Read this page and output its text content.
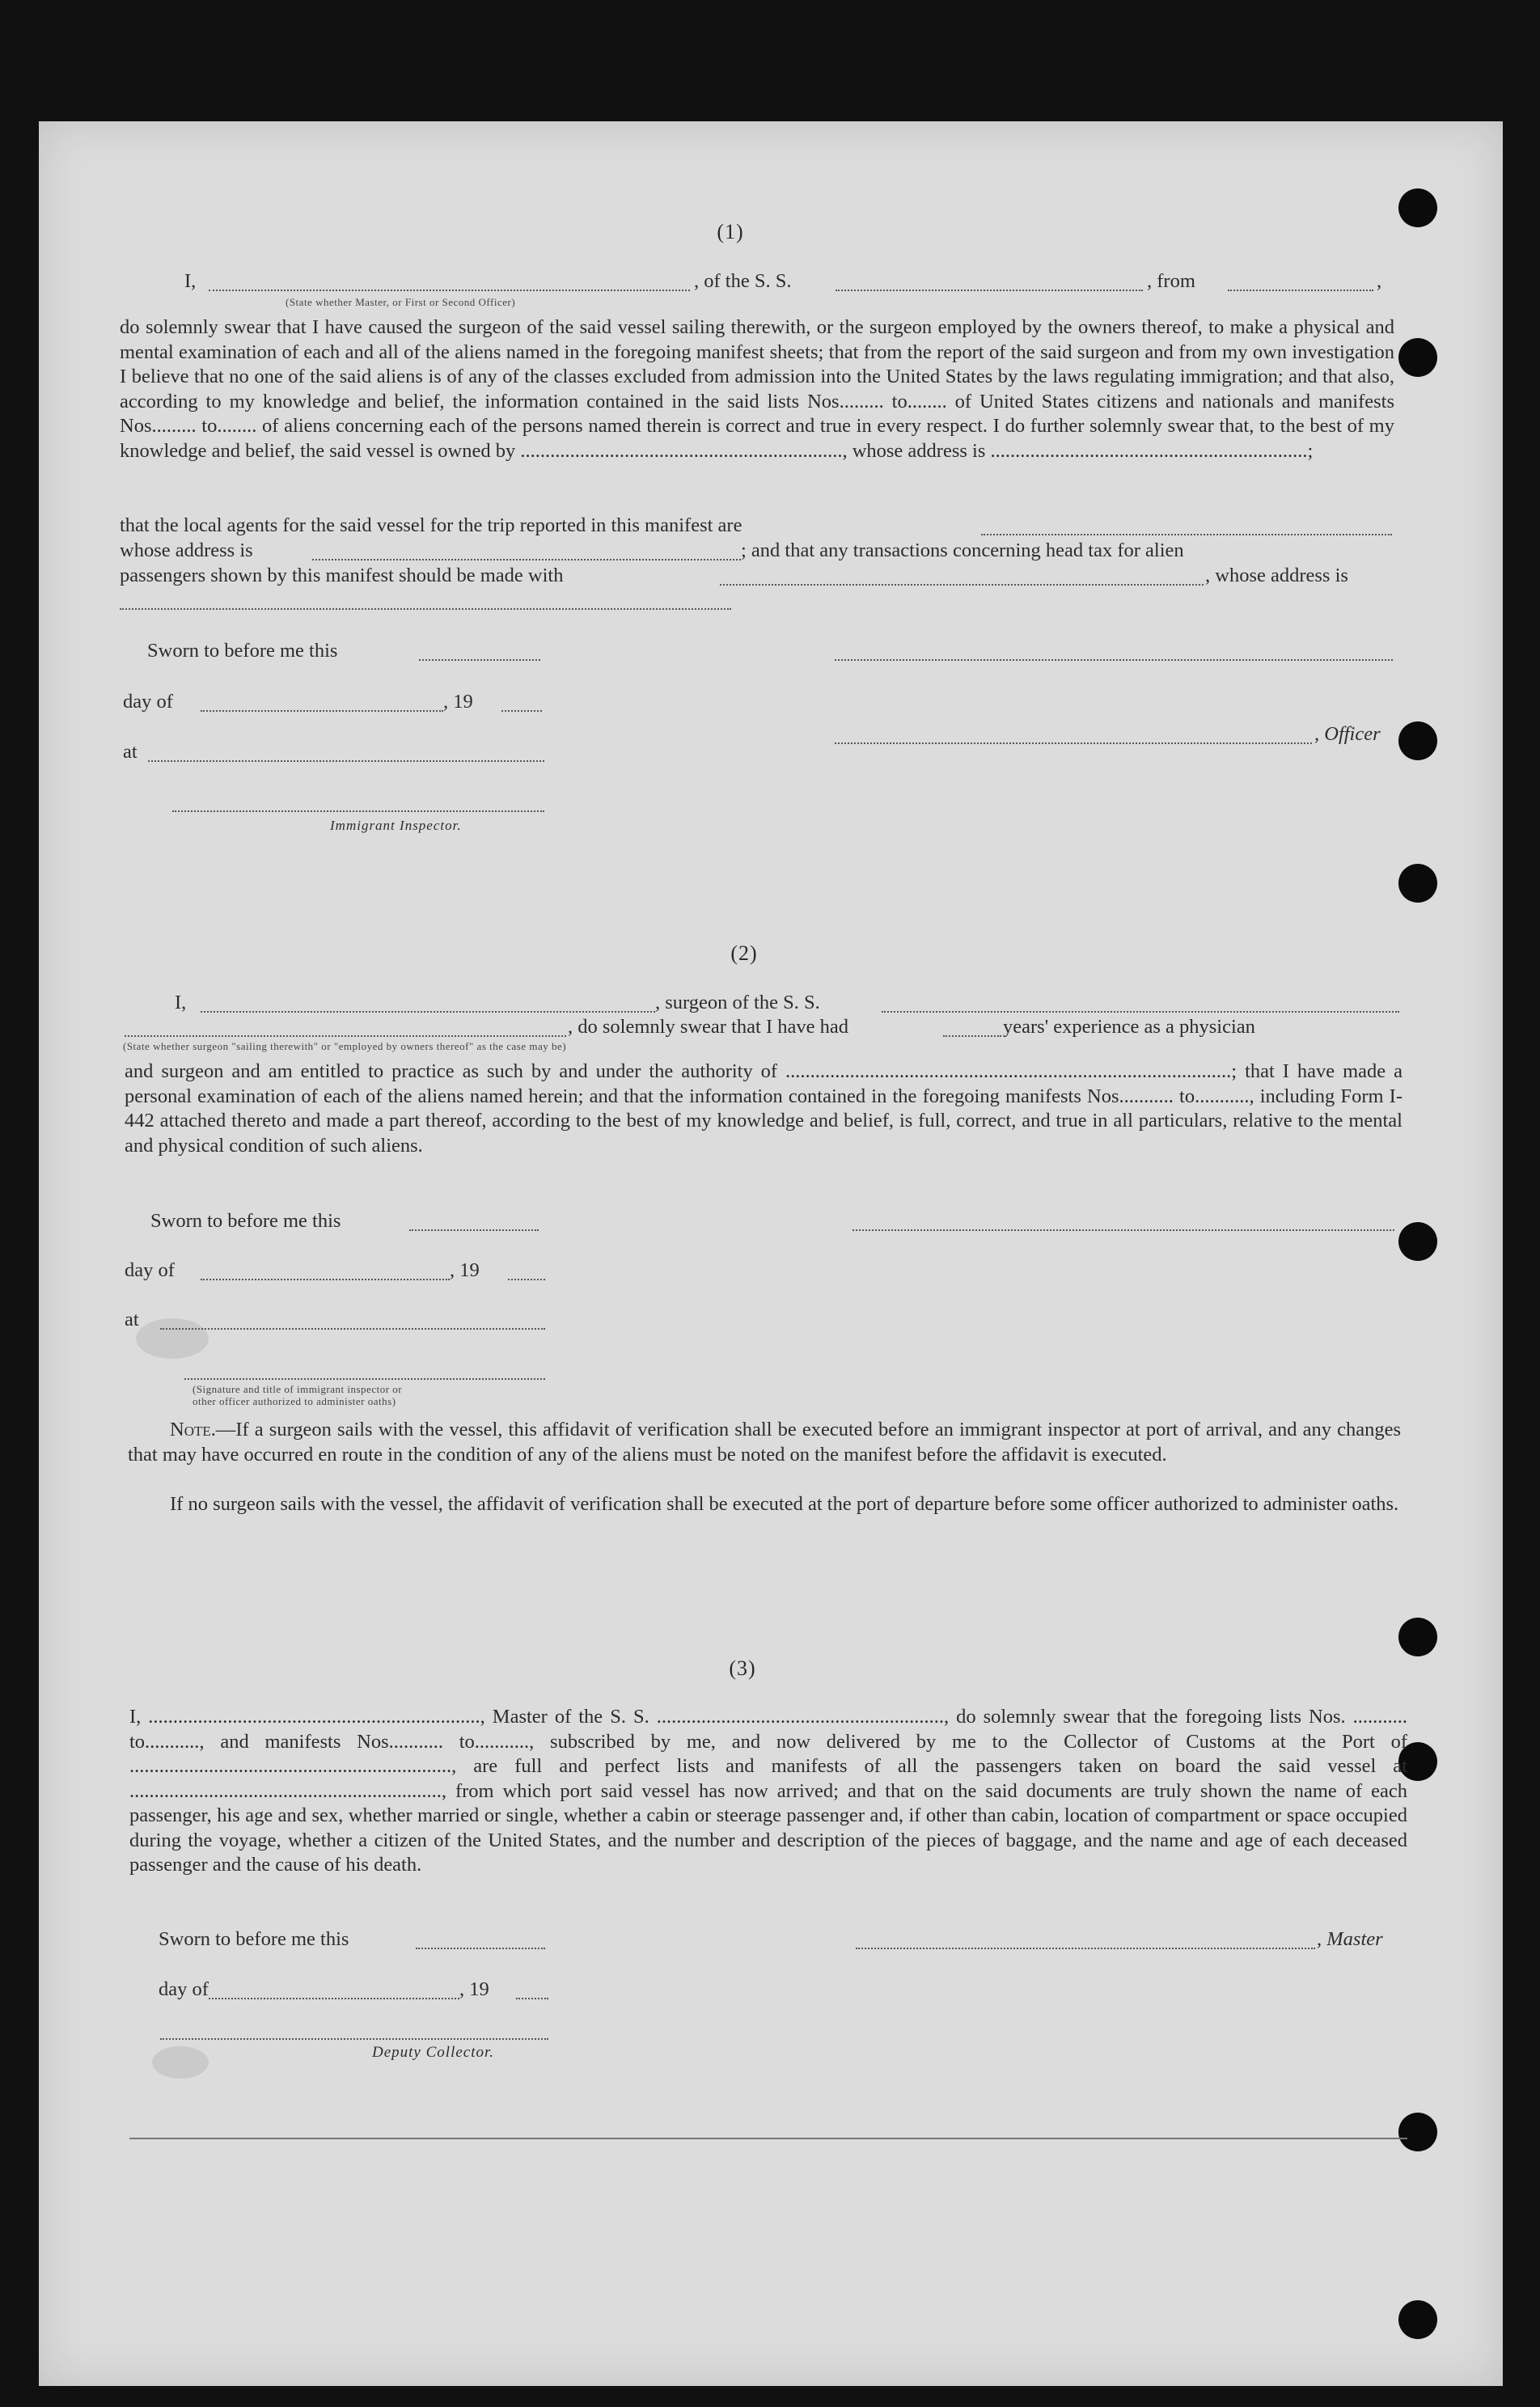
(1)
I,	, of the S. S.	, from	,
(State whether Master, or First or Second Officer)
do solemnly swear that I have caused the surgeon of the said vessel sailing therewith, or the surgeon employed by the owners thereof, to make a physical and mental examination of each and all of the aliens named in the foregoing manifest sheets; that from the report of the said surgeon and from my own investigation I believe that no one of the said aliens is of any of the classes excluded from admission into the United States by the laws regulating immigration; and that also, according to my knowledge and belief, the information contained in the said lists Nos......... to........ of United States citizens and nationals and manifests Nos......... to........ of aliens concerning each of the persons named therein is correct and true in every respect. I do further solemnly swear that, to the best of my knowledge and belief, the said vessel is owned by ................................................................., whose address is ................................................................;
that the local agents for the said vessel for the trip reported in this manifest are
whose address is	; and that any transactions concerning head tax for alien
passengers shown by this manifest should be made with	, whose address is
Sworn to before me this
day of	, 19
, Officer
at
Immigrant Inspector.
(2)
I,	, surgeon of the S. S.
, do solemnly swear that I have had	years' experience as a physician
(State whether surgeon "sailing therewith" or "employed by owners thereof" as the case may be)
and surgeon and am entitled to practice as such by and under the authority of ..........................................................................................; that I have made a personal examination of each of the aliens named herein; and that the information contained in the foregoing manifests Nos........... to..........., including Form I-442 attached thereto and made a part thereof, according to the best of my knowledge and belief, is full, correct, and true in all particulars, relative to the mental and physical condition of such aliens.
Sworn to before me this
day of	, 19
at
(Signature and title of immigrant inspector or
other officer authorized to administer oaths)
Note.—If a surgeon sails with the vessel, this affidavit of verification shall be executed before an immigrant inspector at port of arrival, and any changes that may have occurred en route in the condition of any of the aliens must be noted on the manifest before the affidavit is executed.
If no surgeon sails with the vessel, the affidavit of verification shall be executed at the port of departure before some officer authorized to administer oaths.
(3)
I, ..................................................................., Master of the S. S. .........................................................., do solemnly swear that the foregoing lists Nos. ........... to..........., and manifests Nos........... to..........., subscribed by me, and now delivered by me to the Collector of Customs at the Port of ................................................................., are full and perfect lists and manifests of all the passengers taken on board the said vessel at ..............................................................., from which port said vessel has now arrived; and that on the said documents are truly shown the name of each passenger, his age and sex, whether married or single, whether a cabin or steerage passenger and, if other than cabin, location of compartment or space occupied during the voyage, whether a citizen of the United States, and the number and description of the pieces of baggage, and the name and age of each deceased passenger and the cause of his death.
Sworn to before me this	, Master
day of	, 19
Deputy Collector.
